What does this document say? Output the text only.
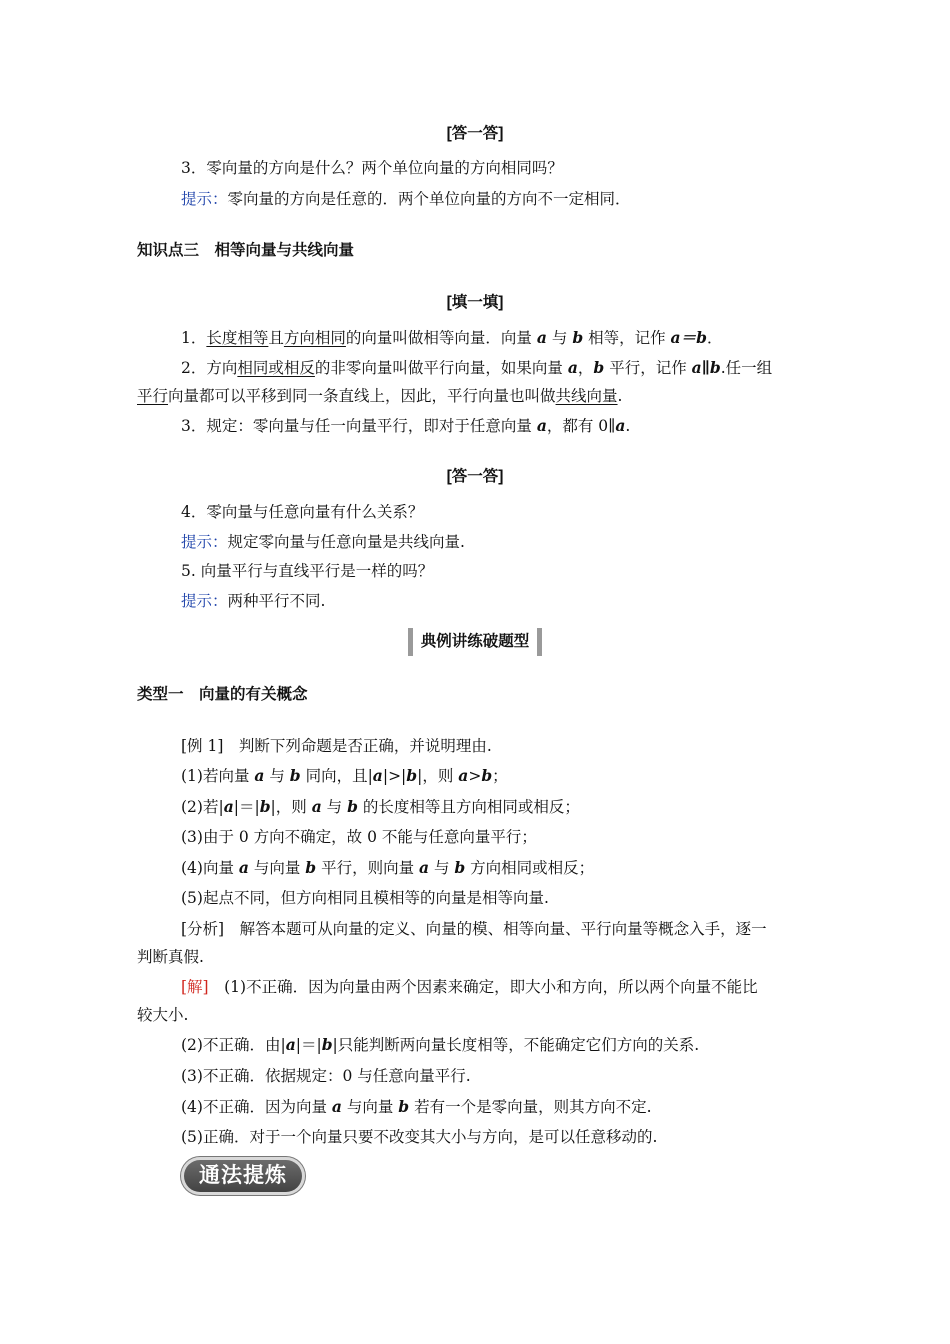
[答一答]
3．零向量的方向是什么？两个单位向量的方向相同吗？
提示：零向量的方向是任意的．两个单位向量的方向不一定相同．
知识点三　相等向量与共线向量
[填一填]
1．长度相等且方向相同的向量叫做相等向量．向量 a 与 b 相等，记作 a＝b．
2．方向相同或相反的非零向量叫做平行向量，如果向量 a，b 平行，记作 a∥b.任一组
平行向量都可以平移到同一条直线上，因此，平行向量也叫做共线向量.
3．规定：零向量与任一向量平行，即对于任意向量 a，都有 0∥a.
[答一答]
4．零向量与任意向量有什么关系？
提示：规定零向量与任意向量是共线向量.
5. 向量平行与直线平行是一样的吗？
提示：两种平行不同.
典例讲练破题型
类型一　向量的有关概念
[例 1]　判断下列命题是否正确，并说明理由.
(1)若向量 a 与 b 同向，且|a|>|b|，则 a>b；
(2)若|a|＝|b|，则 a 与 b 的长度相等且方向相同或相反；
(3)由于 0 方向不确定，故 0 不能与任意向量平行；
(4)向量 a 与向量 b 平行，则向量 a 与 b 方向相同或相反；
(5)起点不同，但方向相同且模相等的向量是相等向量.
[分析]　解答本题可从向量的定义、向量的模、相等向量、平行向量等概念入手，逐一
判断真假.
[解]　(1)不正确．因为向量由两个因素来确定，即大小和方向，所以两个向量不能比
较大小.
(2)不正确．由|a|＝|b|只能判断两向量长度相等，不能确定它们方向的关系.
(3)不正确．依据规定：0 与任意向量平行.
(4)不正确．因为向量 a 与向量 b 若有一个是零向量，则其方向不定.
(5)正确．对于一个向量只要不改变其大小与方向，是可以任意移动的.
通法提炼
